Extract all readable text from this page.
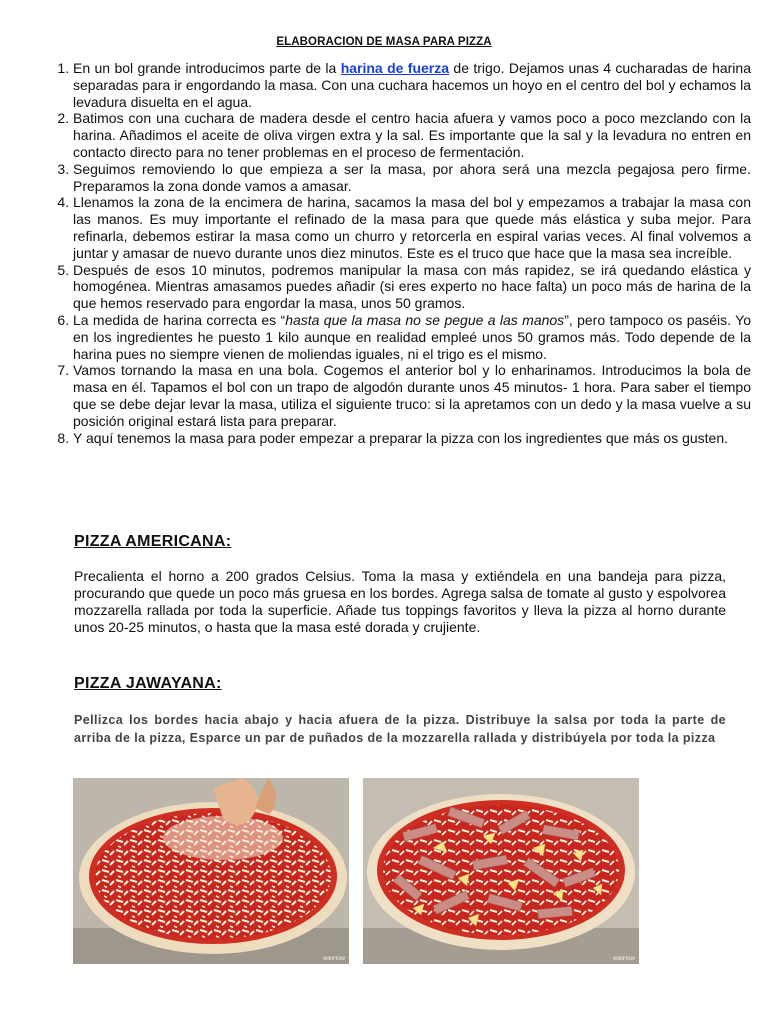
ELABORACION DE MASA PARA PIZZA
1. En un bol grande introducimos parte de la harina de fuerza de trigo. Dejamos unas 4 cucharadas de harina separadas para ir engordando la masa. Con una cuchara hacemos un hoyo en el centro del bol y echamos la levadura disuelta en el agua.
2. Batimos con una cuchara de madera desde el centro hacia afuera y vamos poco a poco mezclando con la harina. Añadimos el aceite de oliva virgen extra y la sal. Es importante que la sal y la levadura no entren en contacto directo para no tener problemas en el proceso de fermentación.
3. Seguimos removiendo lo que empieza a ser la masa, por ahora será una mezcla pegajosa pero firme. Preparamos la zona donde vamos a amasar.
4. Llenamos la zona de la encimera de harina, sacamos la masa del bol y empezamos a trabajar la masa con las manos. Es muy importante el refinado de la masa para que quede más elástica y suba mejor. Para refinarla, debemos estirar la masa como un churro y retorcerla en espiral varias veces. Al final volvemos a juntar y amasar de nuevo durante unos diez minutos. Este es el truco que hace que la masa sea increíble.
5. Después de esos 10 minutos, podremos manipular la masa con más rapidez, se irá quedando elástica y homogénea. Mientras amasamos puedes añadir (si eres experto no hace falta) un poco más de harina de la que hemos reservado para engordar la masa, unos 50 gramos.
6. La medida de harina correcta es “hasta que la masa no se pegue a las manos”, pero tampoco os paséis. Yo en los ingredientes he puesto 1 kilo aunque en realidad empleé unos 50 gramos más. Todo depende de la harina pues no siempre vienen de moliendas iguales, ni el trigo es el mismo.
7. Vamos tornando la masa en una bola. Cogemos el anterior bol y lo enharinamos. Introducimos la bola de masa en él. Tapamos el bol con un trapo de algodón durante unos 45 minutos- 1 hora. Para saber el tiempo que se debe dejar levar la masa, utiliza el siguiente truco: si la apretamos con un dedo y la masa vuelve a su posición original estará lista para preparar.
8. Y aquí tenemos la masa para poder empezar a preparar la pizza con los ingredientes que más os gusten.
PIZZA AMERICANA:

Precalienta el horno a 200 grados Celsius. Toma la masa y extiéndela en una bandeja para pizza, procurando que quede un poco más gruesa en los bordes. Agrega salsa de tomate al gusto y espolvorea mozzarella rallada por toda la superficie. Añade tus toppings favoritos y lleva la pizza al horno durante unos 20-25 minutos, o hasta que la masa esté dorada y crujiente.

PIZZA JAWAYANA:

Pellizca los bordes hacia abajo y hacia afuera de la pizza. Distribuye la salsa por toda la parte de arriba de la pizza, Esparce un par de puñados de la mozzarella rallada y distribúyela por toda la pizza

wikiHow	wikiHow
